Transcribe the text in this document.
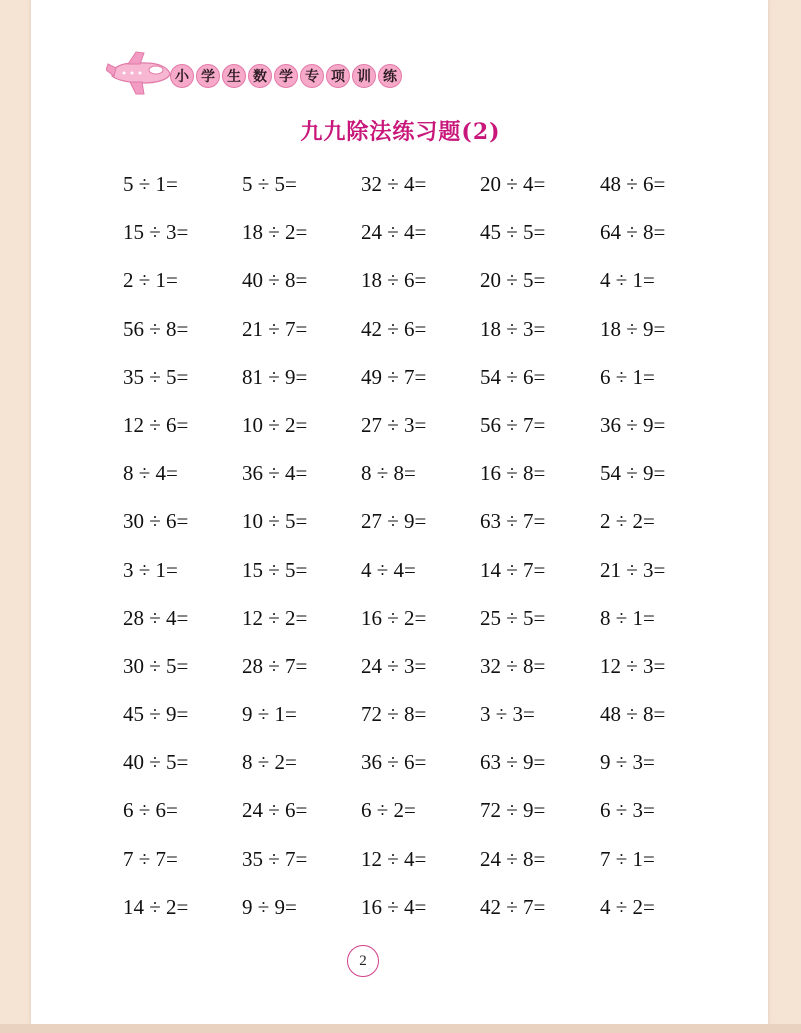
小 学 生 数 学 专 项 训 练
九九除法练习题(2)
5 ÷ 1=	5 ÷ 5=	32 ÷ 4=	20 ÷ 4=	48 ÷ 6=
15 ÷ 3=	18 ÷ 2=	24 ÷ 4=	45 ÷ 5=	64 ÷ 8=
2 ÷ 1=	40 ÷ 8=	18 ÷ 6=	20 ÷ 5=	4 ÷ 1=
56 ÷ 8=	21 ÷ 7=	42 ÷ 6=	18 ÷ 3=	18 ÷ 9=
35 ÷ 5=	81 ÷ 9=	49 ÷ 7=	54 ÷ 6=	6 ÷ 1=
12 ÷ 6=	10 ÷ 2=	27 ÷ 3=	56 ÷ 7=	36 ÷ 9=
8 ÷ 4=	36 ÷ 4=	8 ÷ 8=	16 ÷ 8=	54 ÷ 9=
30 ÷ 6=	10 ÷ 5=	27 ÷ 9=	63 ÷ 7=	2 ÷ 2=
3 ÷ 1=	15 ÷ 5=	4 ÷ 4=	14 ÷ 7=	21 ÷ 3=
28 ÷ 4=	12 ÷ 2=	16 ÷ 2=	25 ÷ 5=	8 ÷ 1=
30 ÷ 5=	28 ÷ 7=	24 ÷ 3=	32 ÷ 8=	12 ÷ 3=
45 ÷ 9=	9 ÷ 1=	72 ÷ 8=	3 ÷ 3=	48 ÷ 8=
40 ÷ 5=	8 ÷ 2=	36 ÷ 6=	63 ÷ 9=	9 ÷ 3=
6 ÷ 6=	24 ÷ 6=	6 ÷ 2=	72 ÷ 9=	6 ÷ 3=
7 ÷ 7=	35 ÷ 7=	12 ÷ 4=	24 ÷ 8=	7 ÷ 1=
14 ÷ 2=	9 ÷ 9=	16 ÷ 4=	42 ÷ 7=	4 ÷ 2=
2
